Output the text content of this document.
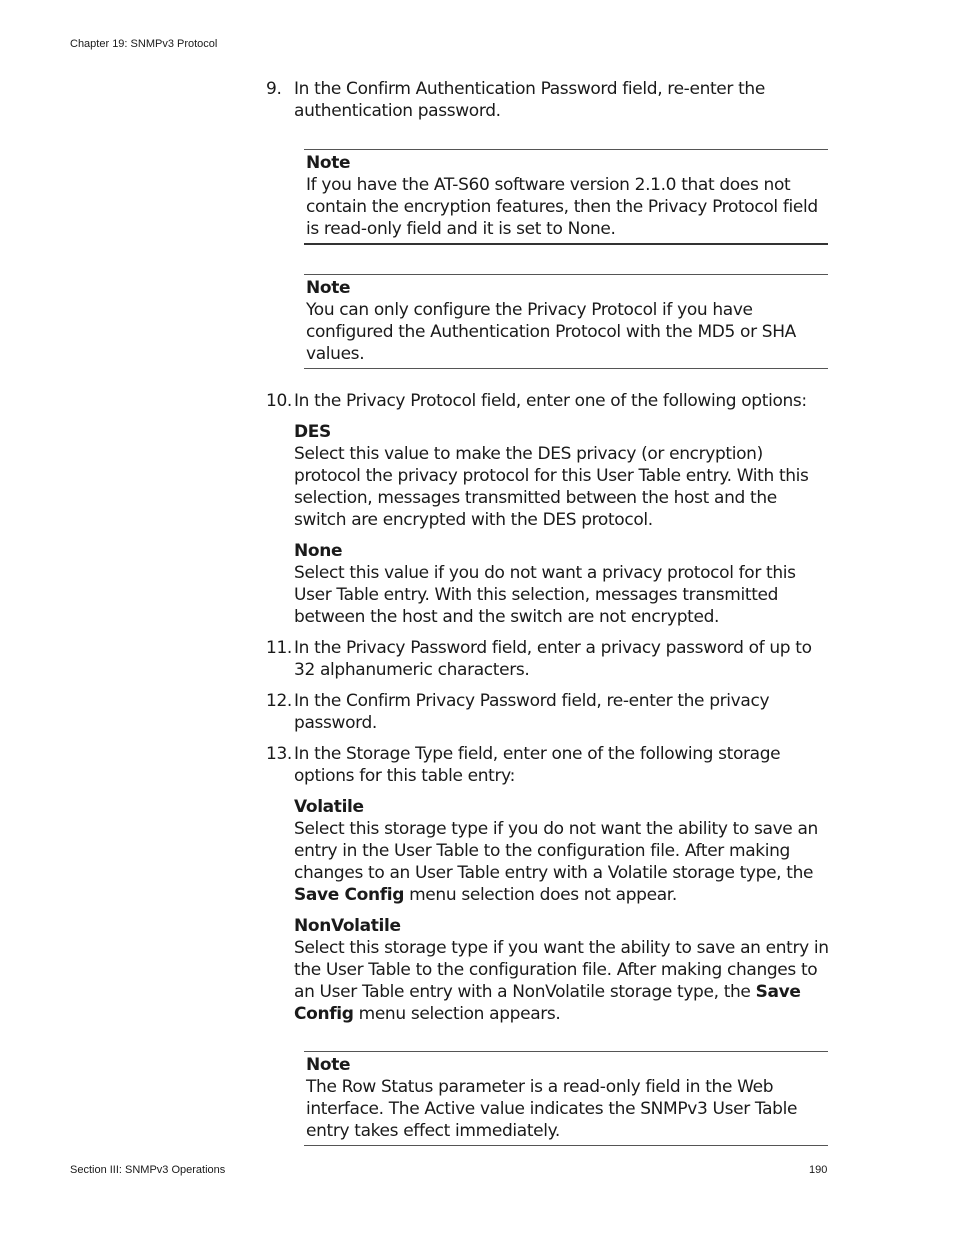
Chapter 19: SNMPv3 Protocol
9. In the Confirm Authentication Password field, re-enter the authentication password.
Note
If you have the AT-S60 software version 2.1.0 that does not contain the encryption features, then the Privacy Protocol field is read-only field and it is set to None.
Note
You can only configure the Privacy Protocol if you have configured the Authentication Protocol with the MD5 or SHA values.
10. In the Privacy Protocol field, enter one of the following options:
DES
Select this value to make the DES privacy (or encryption) protocol the privacy protocol for this User Table entry. With this selection, messages transmitted between the host and the switch are encrypted with the DES protocol.
None
Select this value if you do not want a privacy protocol for this User Table entry. With this selection, messages transmitted between the host and the switch are not encrypted.
11. In the Privacy Password field, enter a privacy password of up to 32 alphanumeric characters.
12. In the Confirm Privacy Password field, re-enter the privacy password.
13. In the Storage Type field, enter one of the following storage options for this table entry:
Volatile
Select this storage type if you do not want the ability to save an entry in the User Table to the configuration file. After making changes to an User Table entry with a Volatile storage type, the Save Config menu selection does not appear.
NonVolatile
Select this storage type if you want the ability to save an entry in the User Table to the configuration file. After making changes to an User Table entry with a NonVolatile storage type, the Save Config menu selection appears.
Note
The Row Status parameter is a read-only field in the Web interface. The Active value indicates the SNMPv3 User Table entry takes effect immediately.
Section III: SNMPv3 Operations	190
